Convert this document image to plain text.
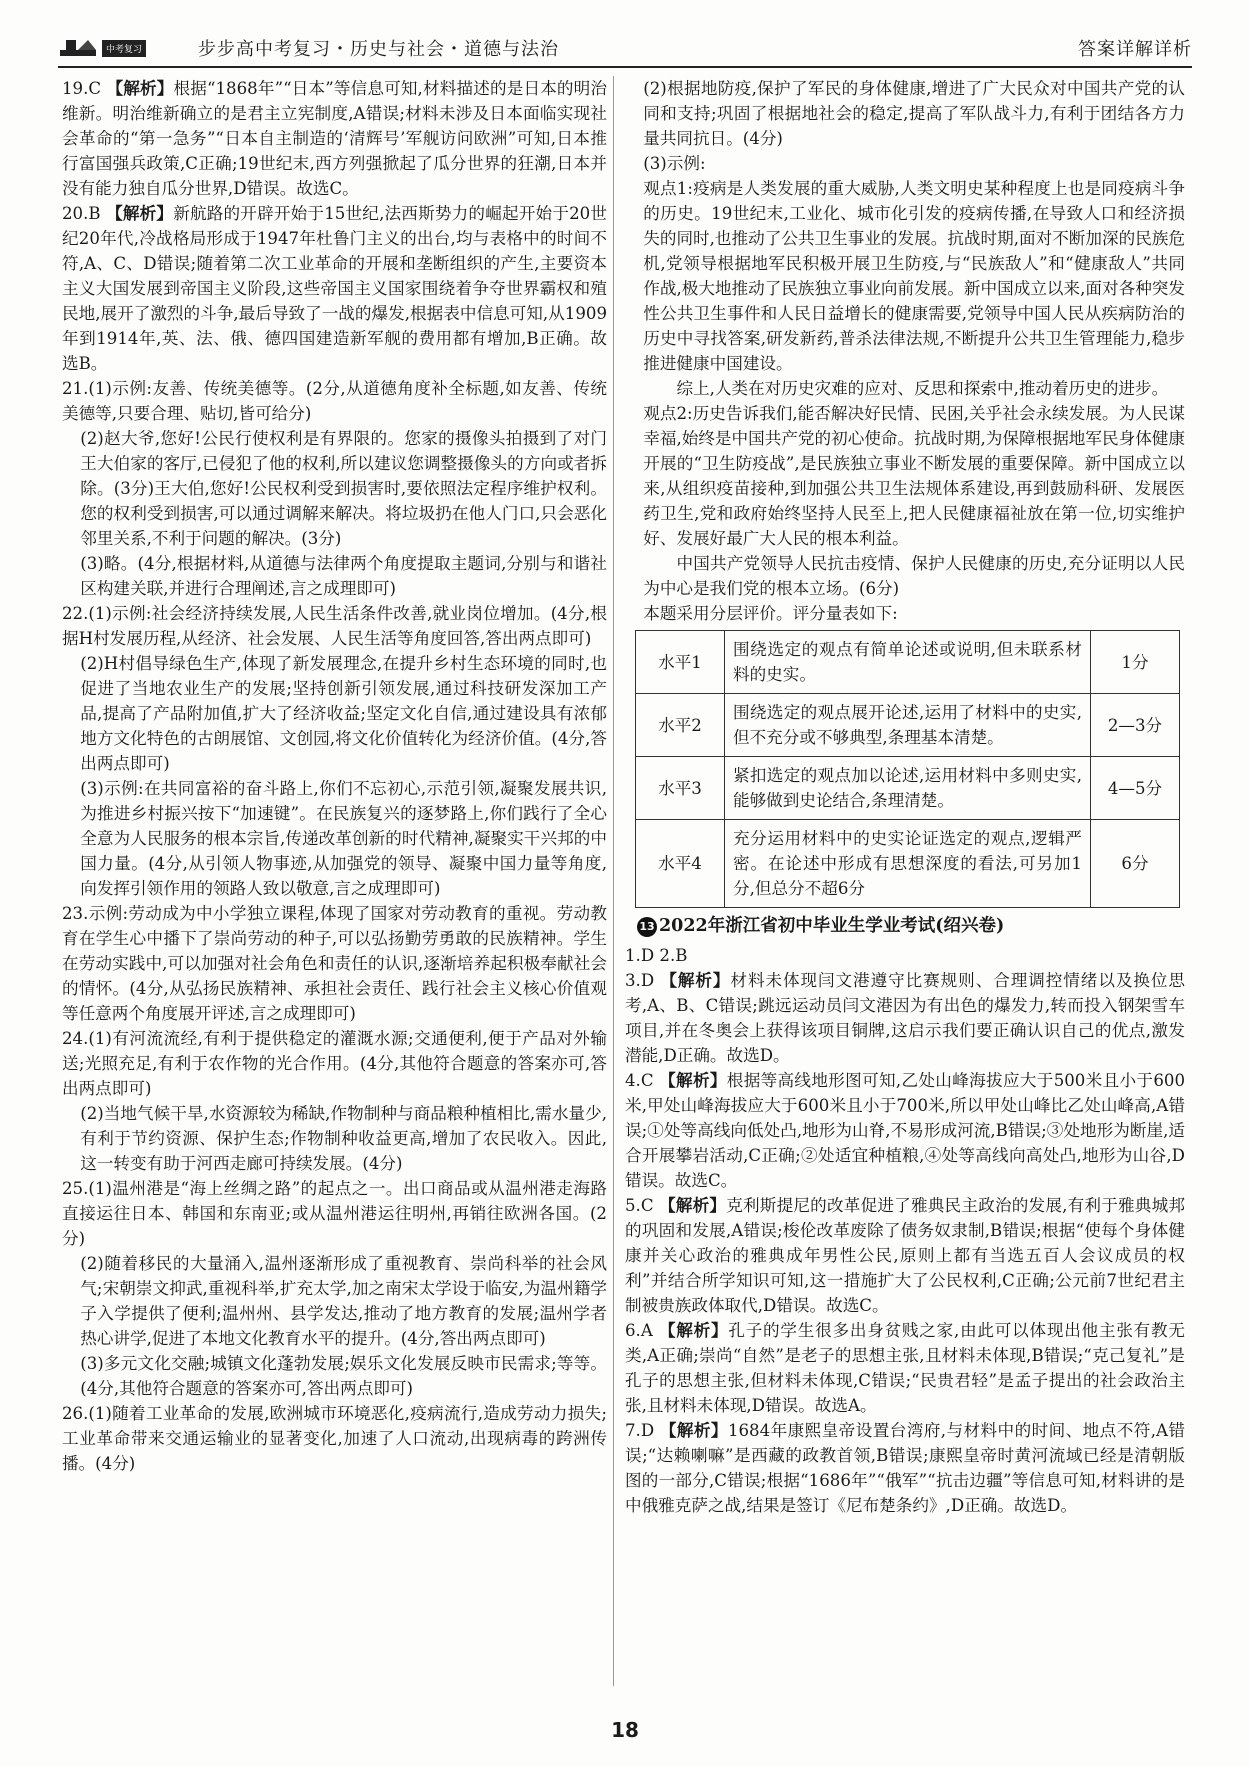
中考复习	步步高中考复习・历史与社会・道德与法治	答案详解详析

19.C 【解析】根据“1868年”“日本”等信息可知,材料描述的是日本的明治维新。明治维新确立的是君主立宪制度,A错误;材料未涉及日本面临实现社会革命的“第一急务”“日本自主制造的‘清辉号’军舰访问欧洲”可知,日本推行富国强兵政策,C正确;19世纪末,西方列强掀起了瓜分世界的狂潮,日本并没有能力独自瓜分世界,D错误。故选C。

20.B 【解析】新航路的开辟开始于15世纪,法西斯势力的崛起开始于20世纪20年代,冷战格局形成于1947年杜鲁门主义的出台,均与表格中的时间不符,A、C、D错误;随着第二次工业革命的开展和垄断组织的产生,主要资本主义大国发展到帝国主义阶段,这些帝国主义国家围绕着争夺世界霸权和殖民地,展开了激烈的斗争,最后导致了一战的爆发,根据表中信息可知,从1909年到1914年,英、法、俄、德四国建造新军舰的费用都有增加,B正确。故选B。

21.(1)示例:友善、传统美德等。(2分,从道德角度补全标题,如友善、传统美德等,只要合理、贴切,皆可给分)

(2)赵大爷,您好!公民行使权利是有界限的。您家的摄像头拍摄到了对门王大伯家的客厅,已侵犯了他的权利,所以建议您调整摄像头的方向或者拆除。(3分)王大伯,您好!公民权利受到损害时,要依照法定程序维护权利。您的权利受到损害,可以通过调解来解决。将垃圾扔在他人门口,只会恶化邻里关系,不利于问题的解决。(3分)

(3)略。(4分,根据材料,从道德与法律两个角度提取主题词,分别与和谐社区构建关联,并进行合理阐述,言之成理即可)

22.(1)示例:社会经济持续发展,人民生活条件改善,就业岗位增加。(4分,根据H村发展历程,从经济、社会发展、人民生活等角度回答,答出两点即可)

(2)H村倡导绿色生产,体现了新发展理念,在提升乡村生态环境的同时,也促进了当地农业生产的发展;坚持创新引领发展,通过科技研发深加工产品,提高了产品附加值,扩大了经济收益;坚定文化自信,通过建设具有浓郁地方文化特色的古朗展馆、文创园,将文化价值转化为经济价值。(4分,答出两点即可)

(3)示例:在共同富裕的奋斗路上,你们不忘初心,示范引领,凝聚发展共识,为推进乡村振兴按下“加速键”。在民族复兴的逐梦路上,你们践行了全心全意为人民服务的根本宗旨,传递改革创新的时代精神,凝聚实干兴邦的中国力量。(4分,从引领人物事迹,从加强党的领导、凝聚中国力量等角度,向发挥引领作用的领路人致以敬意,言之成理即可)

23.示例:劳动成为中小学独立课程,体现了国家对劳动教育的重视。劳动教育在学生心中播下了崇尚劳动的种子,可以弘扬勤劳勇敢的民族精神。学生在劳动实践中,可以加强对社会角色和责任的认识,逐渐培养起积极奉献社会的情怀。(4分,从弘扬民族精神、承担社会责任、践行社会主义核心价值观等任意两个角度展开评述,言之成理即可)

24.(1)有河流流经,有利于提供稳定的灌溉水源;交通便利,便于产品对外输送;光照充足,有利于农作物的光合作用。(4分,其他符合题意的答案亦可,答出两点即可)

(2)当地气候干旱,水资源较为稀缺,作物制种与商品粮种植相比,需水量少,有利于节约资源、保护生态;作物制种收益更高,增加了农民收入。因此,这一转变有助于河西走廊可持续发展。(4分)

25.(1)温州港是“海上丝绸之路”的起点之一。出口商品或从温州港走海路直接运往日本、韩国和东南亚;或从温州港运往明州,再销往欧洲各国。(2分)

(2)随着移民的大量涌入,温州逐渐形成了重视教育、崇尚科举的社会风气;宋朝崇文抑武,重视科举,扩充太学,加之南宋太学设于临安,为温州籍学子入学提供了便利;温州州、县学发达,推动了地方教育的发展;温州学者热心讲学,促进了本地文化教育水平的提升。(4分,答出两点即可)

(3)多元文化交融;城镇文化蓬勃发展;娱乐文化发展反映市民需求;等等。(4分,其他符合题意的答案亦可,答出两点即可)

26.(1)随着工业革命的发展,欧洲城市环境恶化,疫病流行,造成劳动力损失;工业革命带来交通运输业的显著变化,加速了人口流动,出现病毒的跨洲传播。(4分)

(2)根据地防疫,保护了军民的身体健康,增进了广大民众对中国共产党的认同和支持;巩固了根据地社会的稳定,提高了军队战斗力,有利于团结各方力量共同抗日。(4分)

(3)示例:

观点1:疫病是人类发展的重大威胁,人类文明史某种程度上也是同疫病斗争的历史。19世纪末,工业化、城市化引发的疫病传播,在导致人口和经济损失的同时,也推动了公共卫生事业的发展。抗战时期,面对不断加深的民族危机,党领导根据地军民积极开展卫生防疫,与“民族敌人”和“健康敌人”共同作战,极大地推动了民族独立事业向前发展。新中国成立以来,面对各种突发性公共卫生事件和人民日益增长的健康需要,党领导中国人民从疾病防治的历史中寻找答案,研发新药,普杀法律法规,不断提升公共卫生管理能力,稳步推进健康中国建设。

综上,人类在对历史灾难的应对、反思和探索中,推动着历史的进步。

观点2:历史告诉我们,能否解决好民情、民困,关乎社会永续发展。为人民谋幸福,始终是中国共产党的初心使命。抗战时期,为保障根据地军民身体健康开展的“卫生防疫战”,是民族独立事业不断发展的重要保障。新中国成立以来,从组织疫苗接种,到加强公共卫生法规体系建设,再到鼓励科研、发展医药卫生,党和政府始终坚持人民至上,把人民健康福祉放在第一位,切实维护好、发展好最广大人民的根本利益。

中国共产党领导人民抗击疫情、保护人民健康的历史,充分证明以人民为中心是我们党的根本立场。(6分)

本题采用分层评价。评分量表如下:

水平1	围绕选定的观点有简单论述或说明,但未联系材料的史实。	1分
水平2	围绕选定的观点展开论述,运用了材料中的史实,但不充分或不够典型,条理基本清楚。	2—3分
水平3	紧扣选定的观点加以论述,运用材料中多则史实,能够做到史论结合,条理清楚。	4—5分
水平4	充分运用材料中的史实论证选定的观点,逻辑严密。在论述中形成有思想深度的看法,可另加1分,但总分不超6分	6分
13 2022年浙江省初中毕业生学业考试(绍兴卷)

1.D 2.B

3.D 【解析】材料未体现闫文港遵守比赛规则、合理调控情绪以及换位思考,A、B、C错误;跳远运动员闫文港因为有出色的爆发力,转而投入钢架雪车项目,并在冬奥会上获得该项目铜牌,这启示我们要正确认识自己的优点,激发潜能,D正确。故选D。

4.C 【解析】根据等高线地形图可知,乙处山峰海拔应大于500米且小于600米,甲处山峰海拔应大于600米且小于700米,所以甲处山峰比乙处山峰高,A错误;①处等高线向低处凸,地形为山脊,不易形成河流,B错误;③处地形为断崖,适合开展攀岩活动,C正确;②处适宜种植粮,④处等高线向高处凸,地形为山谷,D错误。故选C。

5.C 【解析】克利斯提尼的改革促进了雅典民主政治的发展,有利于雅典城邦的巩固和发展,A错误;梭伦改革废除了债务奴隶制,B错误;根据“使每个身体健康并关心政治的雅典成年男性公民,原则上都有当选五百人会议成员的权利”并结合所学知识可知,这一措施扩大了公民权利,C正确;公元前7世纪君主制被贵族政体取代,D错误。故选C。

6.A 【解析】孔子的学生很多出身贫贱之家,由此可以体现出他主张有教无类,A正确;崇尚“自然”是老子的思想主张,且材料未体现,B错误;“克己复礼”是孔子的思想主张,但材料未体现,C错误;“民贵君轻”是孟子提出的社会政治主张,且材料未体现,D错误。故选A。

7.D 【解析】1684年康熙皇帝设置台湾府,与材料中的时间、地点不符,A错误;“达赖喇嘛”是西藏的政教首领,B错误;康熙皇帝时黄河流域已经是清朝版图的一部分,C错误;根据“1686年”“俄军”“抗击边疆”等信息可知,材料讲的是中俄雅克萨之战,结果是签订《尼布楚条约》,D正确。故选D。

18
